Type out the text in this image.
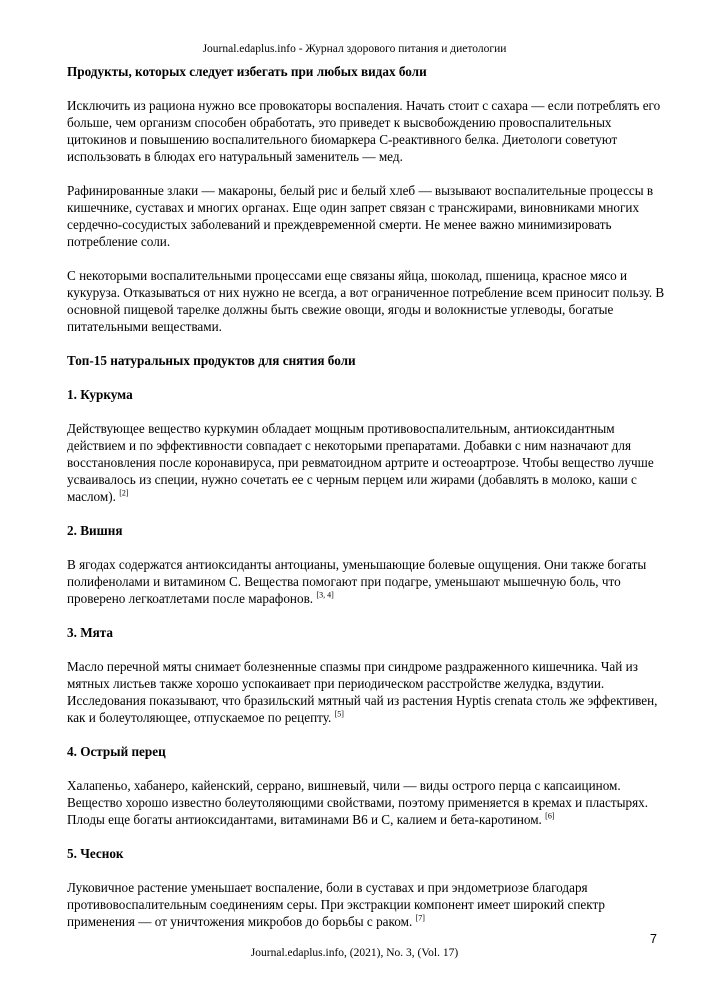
Journal.edaplus.info - Журнал здорового питания и диетологии
Продукты, которых следует избегать при любых видах боли

Исключить из рациона нужно все провокаторы воспаления. Начать стоит с сахара — если потреблять его больше, чем организм способен обработать, это приведет к высвобождению провоспалительных цитокинов и повышению воспалительного биомаркера С-реактивного белка. Диетологи советуют использовать в блюдах его натуральный заменитель — мед.

Рафинированные злаки — макароны, белый рис и белый хлеб — вызывают воспалительные процессы в кишечнике, суставах и многих органах. Еще один запрет связан с трансжирами, виновниками многих сердечно-сосудистых заболеваний и преждевременной смерти. Не менее важно минимизировать потребление соли.

С некоторыми воспалительными процессами еще связаны яйца, шоколад, пшеница, красное мясо и кукуруза. Отказываться от них нужно не всегда, а вот ограниченное потребление всем приносит пользу. В основной пищевой тарелке должны быть свежие овощи, ягоды и волокнистые углеводы, богатые питательными веществами.

Топ-15 натуральных продуктов для снятия боли
1. Куркума

Действующее вещество куркумин обладает мощным противовоспалительным, антиоксидантным действием и по эффективности совпадает с некоторыми препаратами. Добавки с ним назначают для восстановления после коронавируса, при ревматоидном артрите и остеоартрозе. Чтобы вещество лучше усваивалось из специи, нужно сочетать ее с черным перцем или жирами (добавлять в молоко, каши с маслом). [2]

2. Вишня

В ягодах содержатся антиоксиданты антоцианы, уменьшающие болевые ощущения. Они также богаты полифенолами и витамином С. Вещества помогают при подагре, уменьшают мышечную боль, что проверено легкоатлетами после марафонов. [3, 4]

3. Мята

Масло перечной мяты снимает болезненные спазмы при синдроме раздраженного кишечника. Чай из мятных листьев также хорошо успокаивает при периодическом расстройстве желудка, вздутии. Исследования показывают, что бразильский мятный чай из растения Hyptis crenata столь же эффективен, как и болеутоляющее, отпускаемое по рецепту. [5]

4. Острый перец

Халапеньо, хабанеро, кайенский, серрано, вишневый, чили — виды острого перца с капсаицином. Вещество хорошо известно болеутоляющими свойствами, поэтому применяется в кремах и пластырях. Плоды еще богаты антиоксидантами, витаминами B6 и C, калием и бета-каротином. [6]

5. Чеснок

Луковичное растение уменьшает воспаление, боли в суставах и при эндометриозе благодаря противовоспалительным соединениям серы. При экстракции компонент имеет широкий спектр применения — от уничтожения микробов до борьбы с раком. [7]

7
Journal.edaplus.info, (2021), No. 3, (Vol. 17)
